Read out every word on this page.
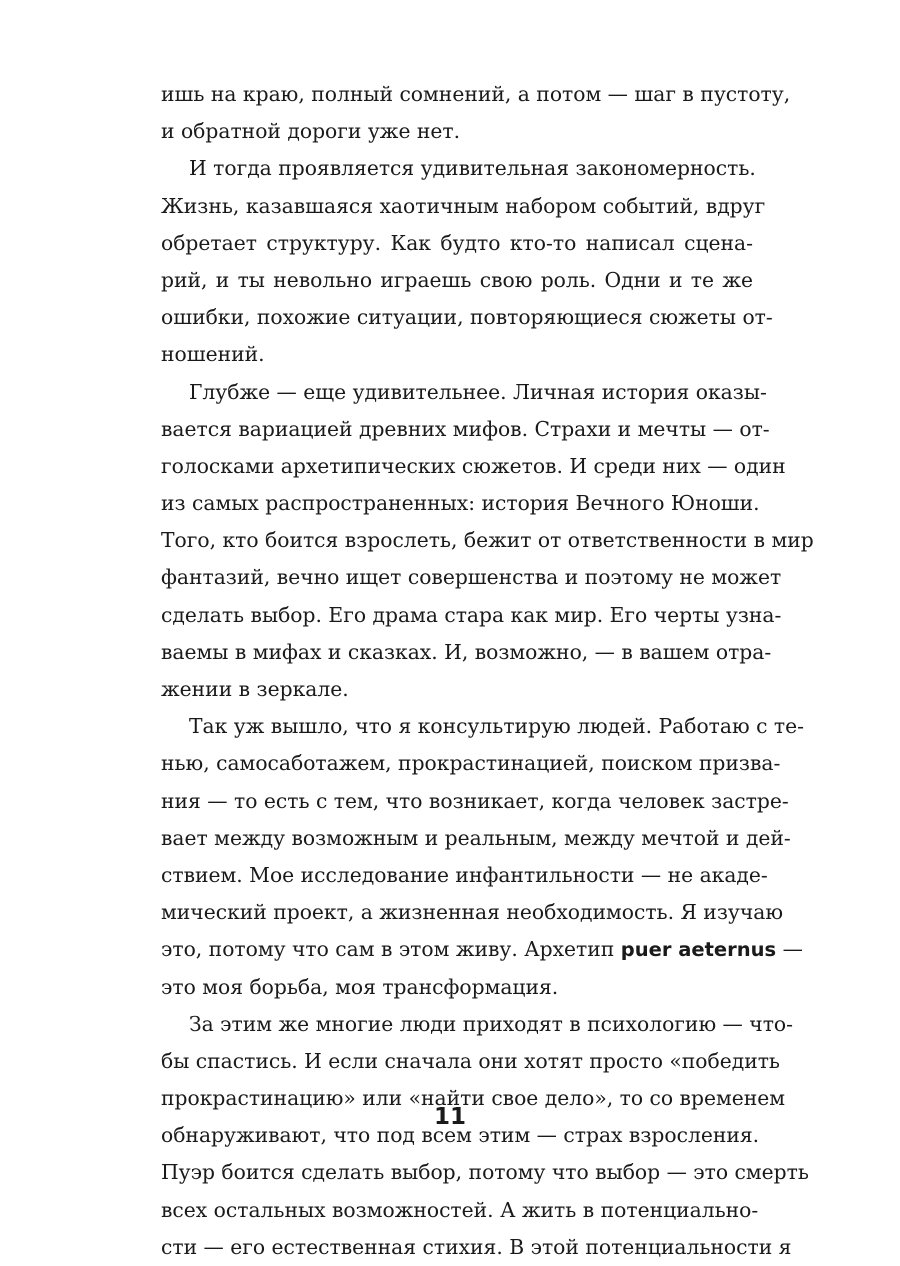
ишь на краю, полный сомнений, а потом — шаг в пустоту,
и обратной дороги уже нет.
И тогда проявляется удивительная закономерность.
Жизнь, казавшаяся хаотичным набором событий, вдруг
обретает структуру. Как будто кто-то написал сцена-
рий, и ты невольно играешь свою роль. Одни и те же
ошибки, похожие ситуации, повторяющиеся сюжеты от-
ношений.
Глубже — еще удивительнее. Личная история оказы-
вается вариацией древних мифов. Страхи и мечты — от-
голосками архетипических сюжетов. И среди них — один
из самых распространенных: история Вечного Юноши.
Того, кто боится взрослеть, бежит от ответственности в мир
фантазий, вечно ищет совершенства и поэтому не может
сделать выбор. Его драма стара как мир. Его черты узна-
ваемы в мифах и сказках. И, возможно, — в вашем отра-
жении в зеркале.
Так уж вышло, что я консультирую людей. Работаю с те-
нью, самосаботажем, прокрастинацией, поиском призва-
ния — то есть с тем, что возникает, когда человек застре-
вает между возможным и реальным, между мечтой и дей-
ствием. Мое исследование инфантильности — не акаде-
мический проект, а жизненная необходимость. Я изучаю
это, потому что сам в этом живу. Архетип puer aeternus —
это моя борьба, моя трансформация.
За этим же многие люди приходят в психологию — что-
бы спастись. И если сначала они хотят просто «победить
прокрастинацию» или «найти свое дело», то со временем
обнаруживают, что под всем этим — страх взросления.
Пуэр боится сделать выбор, потому что выбор — это смерть
всех остальных возможностей. А жить в потенциально-
сти — его естественная стихия. В этой потенциальности я
11
